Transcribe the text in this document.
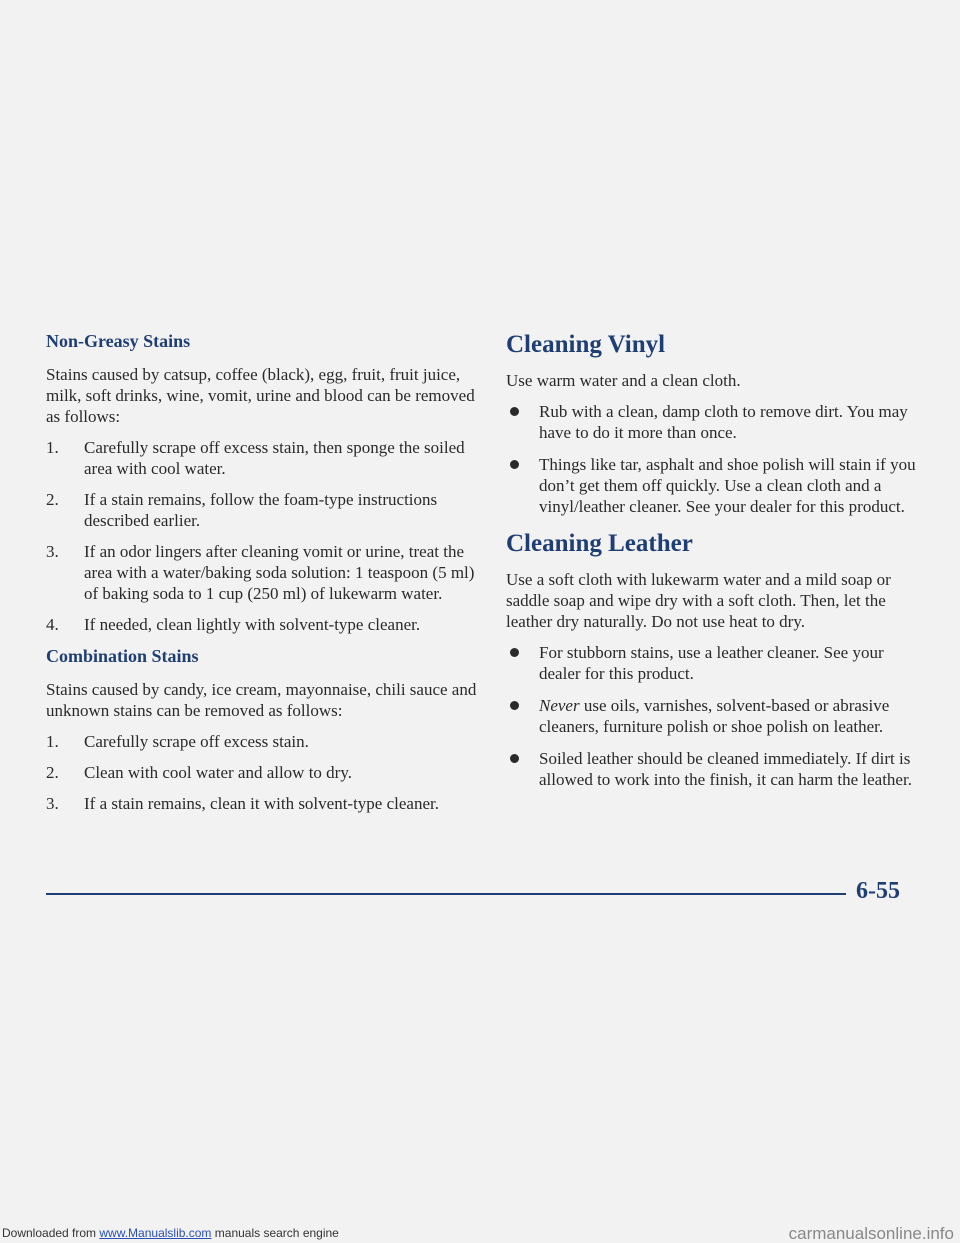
Non-Greasy Stains

Stains caused by catsup, coffee (black), egg, fruit, fruit juice, milk, soft drinks, wine, vomit, urine and blood can be removed as follows:

1. Carefully scrape off excess stain, then sponge the soiled area with cool water.
2. If a stain remains, follow the foam-type instructions described earlier.
3. If an odor lingers after cleaning vomit or urine, treat the area with a water/baking soda solution: 1 teaspoon (5 ml) of baking soda to 1 cup (250 ml) of lukewarm water.
4. If needed, clean lightly with solvent-type cleaner.
Combination Stains

Stains caused by candy, ice cream, mayonnaise, chili sauce and unknown stains can be removed as follows:

1. Carefully scrape off excess stain.
2. Clean with cool water and allow to dry.
3. If a stain remains, clean it with solvent-type cleaner.
Cleaning Vinyl

Use warm water and a clean cloth.

Rub with a clean, damp cloth to remove dirt. You may have to do it more than once.
Things like tar, asphalt and shoe polish will stain if you don’t get them off quickly. Use a clean cloth and a vinyl/leather cleaner. See your dealer for this product.
Cleaning Leather

Use a soft cloth with lukewarm water and a mild soap or saddle soap and wipe dry with a soft cloth. Then, let the leather dry naturally. Do not use heat to dry.

For stubborn stains, use a leather cleaner. See your dealer for this product.
Never use oils, varnishes, solvent-based or abrasive cleaners, furniture polish or shoe polish on leather.
Soiled leather should be cleaned immediately. If dirt is allowed to work into the finish, it can harm the leather.
6-55
Downloaded from www.Manualslib.com manuals search engine	carmanualsonline.info
